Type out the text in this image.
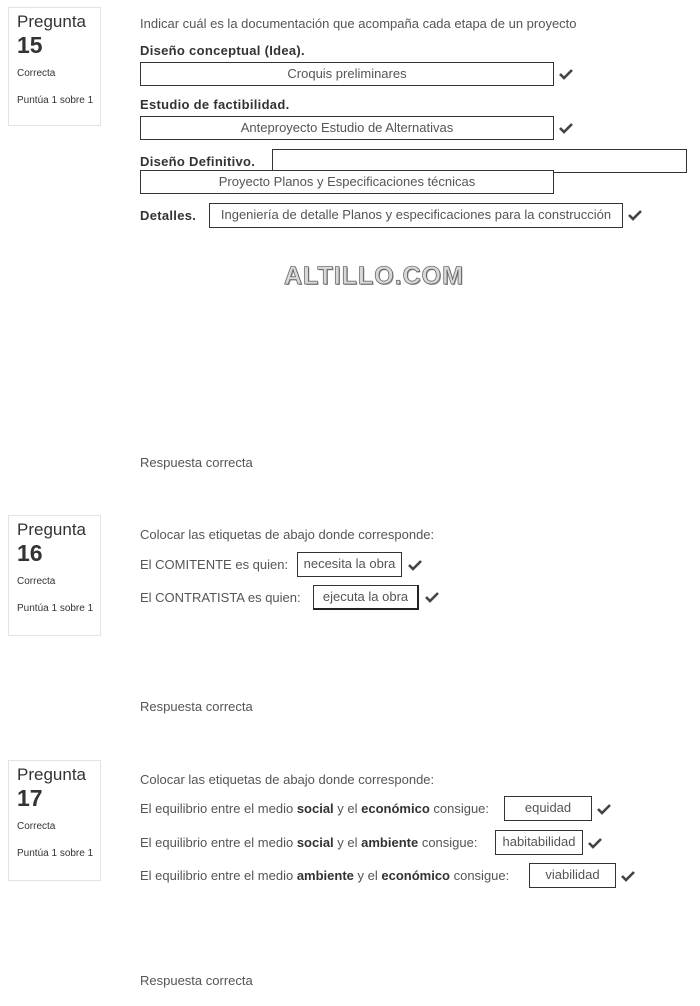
Pregunta
15
Correcta
Puntúa 1 sobre 1
Indicar cuál es la documentación que acompaña cada etapa de un proyecto
Diseño conceptual (Idea).
Croquis preliminares
Estudio de factibilidad.
Anteproyecto Estudio de Alternativas
Diseño Definitivo.
Proyecto Planos y Especificaciones técnicas
Detalles.	Ingeniería de detalle Planos y especificaciones para la construcción
ALTILLO.COM
Respuesta correcta
Pregunta
16
Correcta
Puntúa 1 sobre 1
Colocar las etiquetas de abajo donde corresponde:
El COMITENTE es quien:	necesita la obra
El CONTRATISTA es quien:	ejecuta la obra
Respuesta correcta
Pregunta
17
Correcta
Puntúa 1 sobre 1
Colocar las etiquetas de abajo donde corresponde:
El equilibrio entre el medio social y el económico consigue:	equidad
El equilibrio entre el medio social y el ambiente consigue:	habitabilidad
El equilibrio entre el medio ambiente y el económico consigue:	viabilidad
Respuesta correcta
